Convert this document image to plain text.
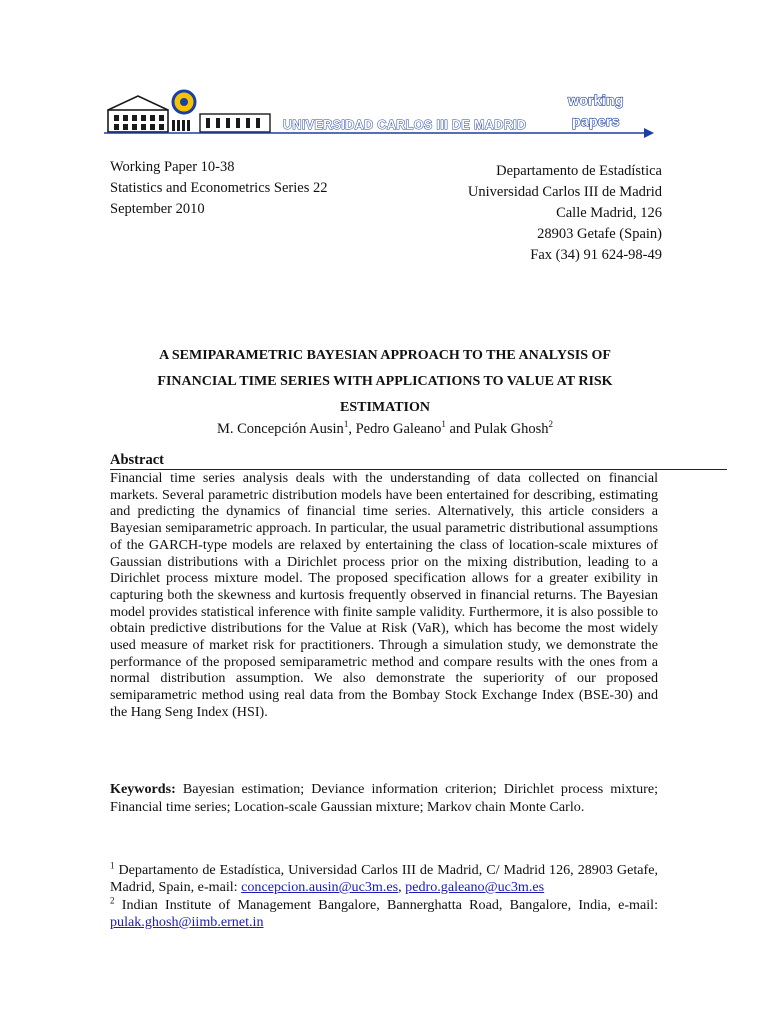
UNIVERSIDAD CARLOS III DE MADRID
working
papers
Working Paper 10-38
Statistics and Econometrics Series 22
September 2010
Departamento de Estadística
Universidad Carlos III de Madrid
Calle Madrid, 126
28903 Getafe (Spain)
Fax (34) 91 624-98-49
A SEMIPARAMETRIC BAYESIAN APPROACH TO THE ANALYSIS OF
FINANCIAL TIME SERIES WITH APPLICATIONS TO VALUE AT RISK
ESTIMATION
M. Concepción Ausin$^1$, Pedro Galeano$^1$ and Pulak Ghosh$^2$
Abstract
Financial time series analysis deals with the understanding of data collected on financial markets. Several parametric distribution models have been entertained for describing, estimating and predicting the dynamics of financial time series. Alternatively, this article considers a Bayesian semiparametric approach. In particular, the usual parametric distributional assumptions of the GARCH-type models are relaxed by entertaining the class of location-scale mixtures of Gaussian distributions with a Dirichlet process prior on the mixing distribution, leading to a Dirichlet process mixture model. The proposed specification allows for a greater exibility in capturing both the skewness and kurtosis frequently observed in financial returns. The Bayesian model provides statistical inference with finite sample validity. Furthermore, it is also possible to obtain predictive distributions for the Value at Risk (VaR), which has become the most widely used measure of market risk for practitioners. Through a simulation study, we demonstrate the performance of the proposed semiparametric method and compare results with the ones from a normal distribution assumption. We also demonstrate the superiority of our proposed semiparametric method using real data from the Bombay Stock Exchange Index (BSE-30) and the Hang Seng Index (HSI).
Keywords: Bayesian estimation; Deviance information criterion; Dirichlet process mixture; Financial time series; Location-scale Gaussian mixture; Markov chain Monte Carlo.
$^1$ Departamento de Estadística, Universidad Carlos III de Madrid, C/ Madrid 126, 28903 Getafe, Madrid, Spain, e-mail: concepcion.ausin@uc3m.es, pedro.galeano@uc3m.es
$^2$ Indian Institute of Management Bangalore, Bannerghatta Road, Bangalore, India, e-mail: pulak.ghosh@iimb.ernet.in
